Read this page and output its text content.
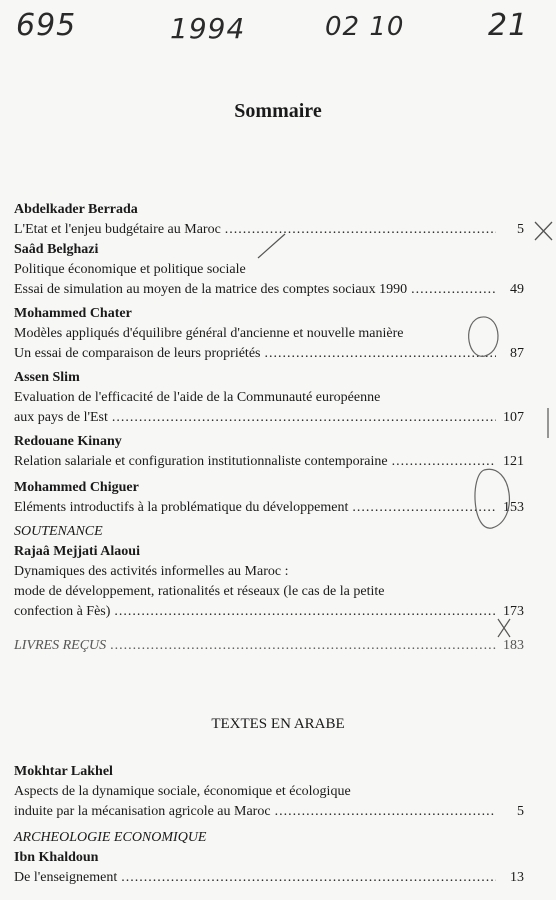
695	1994	02 10	21
Sommaire
Abdelkader Berrada
L'Etat et l'enjeu budgétaire au Maroc .....	5
Saâd Belghazi
Politique économique et politique sociale
Essai de simulation au moyen de la matrice des comptes sociaux 1990 .....	49
Mohammed Chater
Modèles appliqués d'équilibre général d'ancienne et nouvelle manière
Un essai de comparaison de leurs propriétés .....	87
Assen Slim
Evaluation de l'efficacité de l'aide de la Communauté européenne
aux pays de l'Est .....	107
Redouane Kinany
Relation salariale et configuration institutionnaliste contemporaine .....	121
Mohammed Chiguer
Eléments introductifs à la problématique du développement .....	153
SOUTENANCE
Rajaâ Mejjati Alaoui
Dynamiques des activités informelles au Maroc :
mode de développement, rationalités et réseaux (le cas de la petite
confection à Fès) .....	173
LIVRES REÇUS .....	183
TEXTES EN ARABE
Mokhtar Lakhel
Aspects de la dynamique sociale, économique et écologique
induite par la mécanisation agricole au Maroc .....	5
ARCHEOLOGIE ECONOMIQUE
Ibn Khaldoun
De l'enseignement .....	13
